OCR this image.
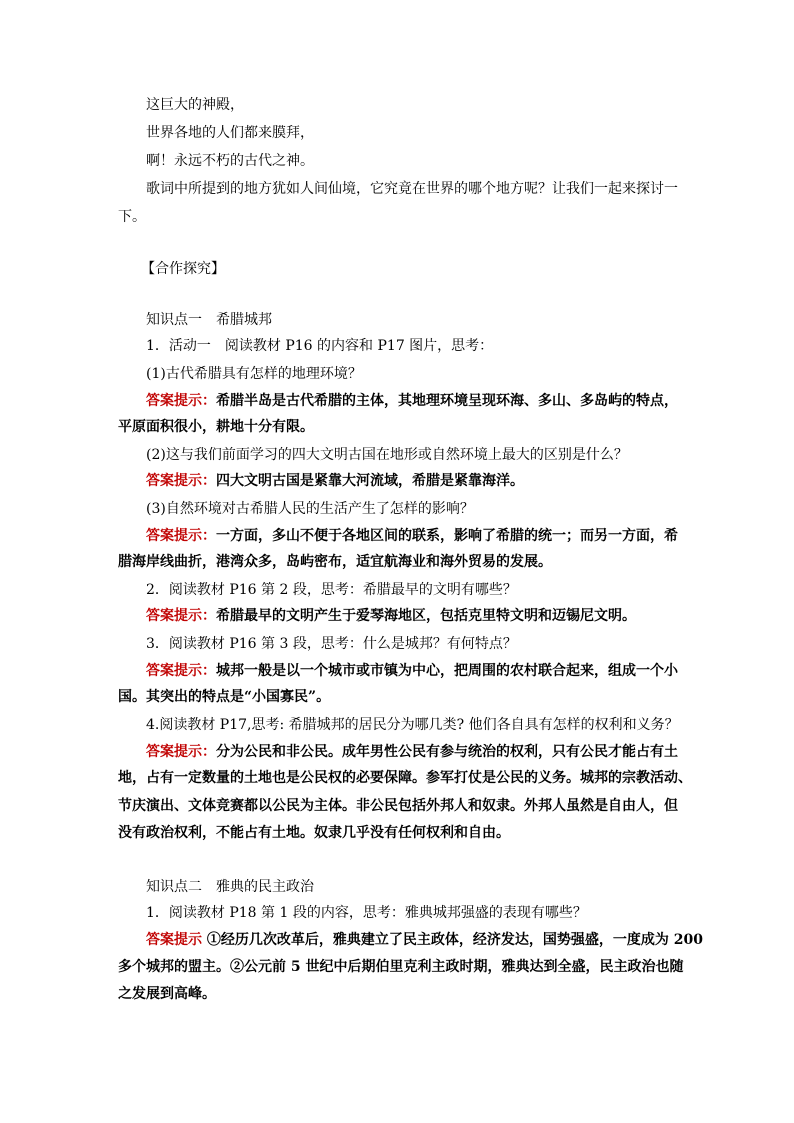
这巨大的神殿，
世界各地的人们都来膜拜，
啊！永远不朽的古代之神。
歌词中所提到的地方犹如人间仙境，它究竟在世界的哪个地方呢？让我们一起来探讨一
下。
【合作探究】
知识点一　希腊城邦
1．活动一　阅读教材 P16 的内容和 P17 图片，思考：
(1)古代希腊具有怎样的地理环境？
答案提示：希腊半岛是古代希腊的主体，其地理环境呈现环海、多山、多岛屿的特点，
平原面积很小，耕地十分有限。
(2)这与我们前面学习的四大文明古国在地形或自然环境上最大的区别是什么？
答案提示：四大文明古国是紧靠大河流域，希腊是紧靠海洋。
(3)自然环境对古希腊人民的生活产生了怎样的影响？
答案提示：一方面，多山不便于各地区间的联系，影响了希腊的统一；而另一方面，希
腊海岸线曲折，港湾众多，岛屿密布，适宜航海业和海外贸易的发展。
2．阅读教材 P16 第 2 段，思考：希腊最早的文明有哪些？
答案提示：希腊最早的文明产生于爱琴海地区，包括克里特文明和迈锡尼文明。
3．阅读教材 P16 第 3 段，思考：什么是城邦？有何特点？
答案提示：城邦一般是以一个城市或市镇为中心，把周围的农村联合起来，组成一个小
国。其突出的特点是“小国寡民”。
4.阅读教材 P17,思考: 希腊城邦的居民分为哪几类? 他们各自具有怎样的权利和义务？
答案提示：分为公民和非公民。成年男性公民有参与统治的权利，只有公民才能占有土
地，占有一定数量的土地也是公民权的必要保障。参军打仗是公民的义务。城邦的宗教活动、
节庆演出、文体竞赛都以公民为主体。非公民包括外邦人和奴隶。外邦人虽然是自由人，但
没有政治权利，不能占有土地。奴隶几乎没有任何权利和自由。
知识点二　雅典的民主政治
1．阅读教材 P18 第 1 段的内容，思考：雅典城邦强盛的表现有哪些？
答案提示 ①经历几次改革后，雅典建立了民主政体，经济发达，国势强盛，一度成为 200
多个城邦的盟主。②公元前 5 世纪中后期伯里克利主政时期，雅典达到全盛，民主政治也随
之发展到高峰。
